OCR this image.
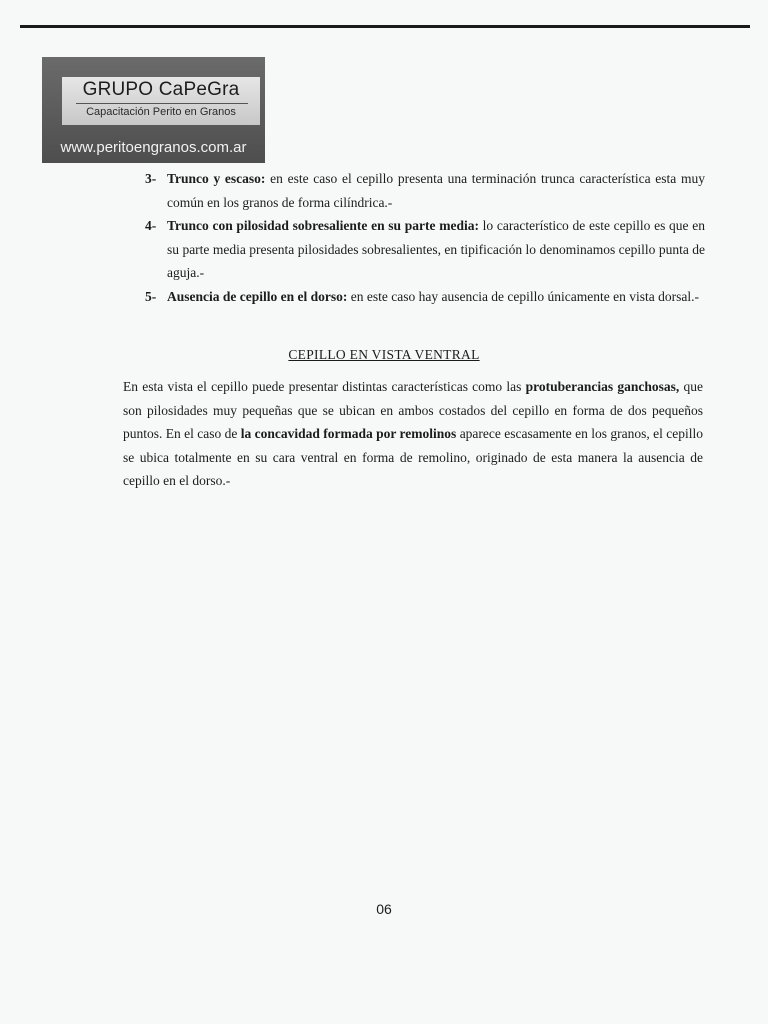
GRUPO CaPeGra
Capacitación Perito en Granos
www.peritoengranos.com.ar
3- Trunco y escaso: en este caso el cepillo presenta una terminación trunca característica esta muy común en los granos de forma cilíndrica.-
4- Trunco con pilosidad sobresaliente en su parte media: lo característico de este cepillo es que en su parte media presenta pilosidades sobresalientes, en tipificación lo denominamos cepillo punta de aguja.-
5- Ausencia de cepillo en el dorso: en este caso hay ausencia de cepillo únicamente en vista dorsal.-
CEPILLO EN VISTA VENTRAL
En esta vista el cepillo puede presentar distintas características como las protuberancias ganchosas, que son pilosidades muy pequeñas que se ubican en ambos costados del cepillo en forma de dos pequeños puntos. En el caso de la concavidad formada por remolinos aparece escasamente en los granos, el cepillo se ubica totalmente en su cara ventral en forma de remolino, originado de esta manera la ausencia de cepillo en el dorso.-
06
